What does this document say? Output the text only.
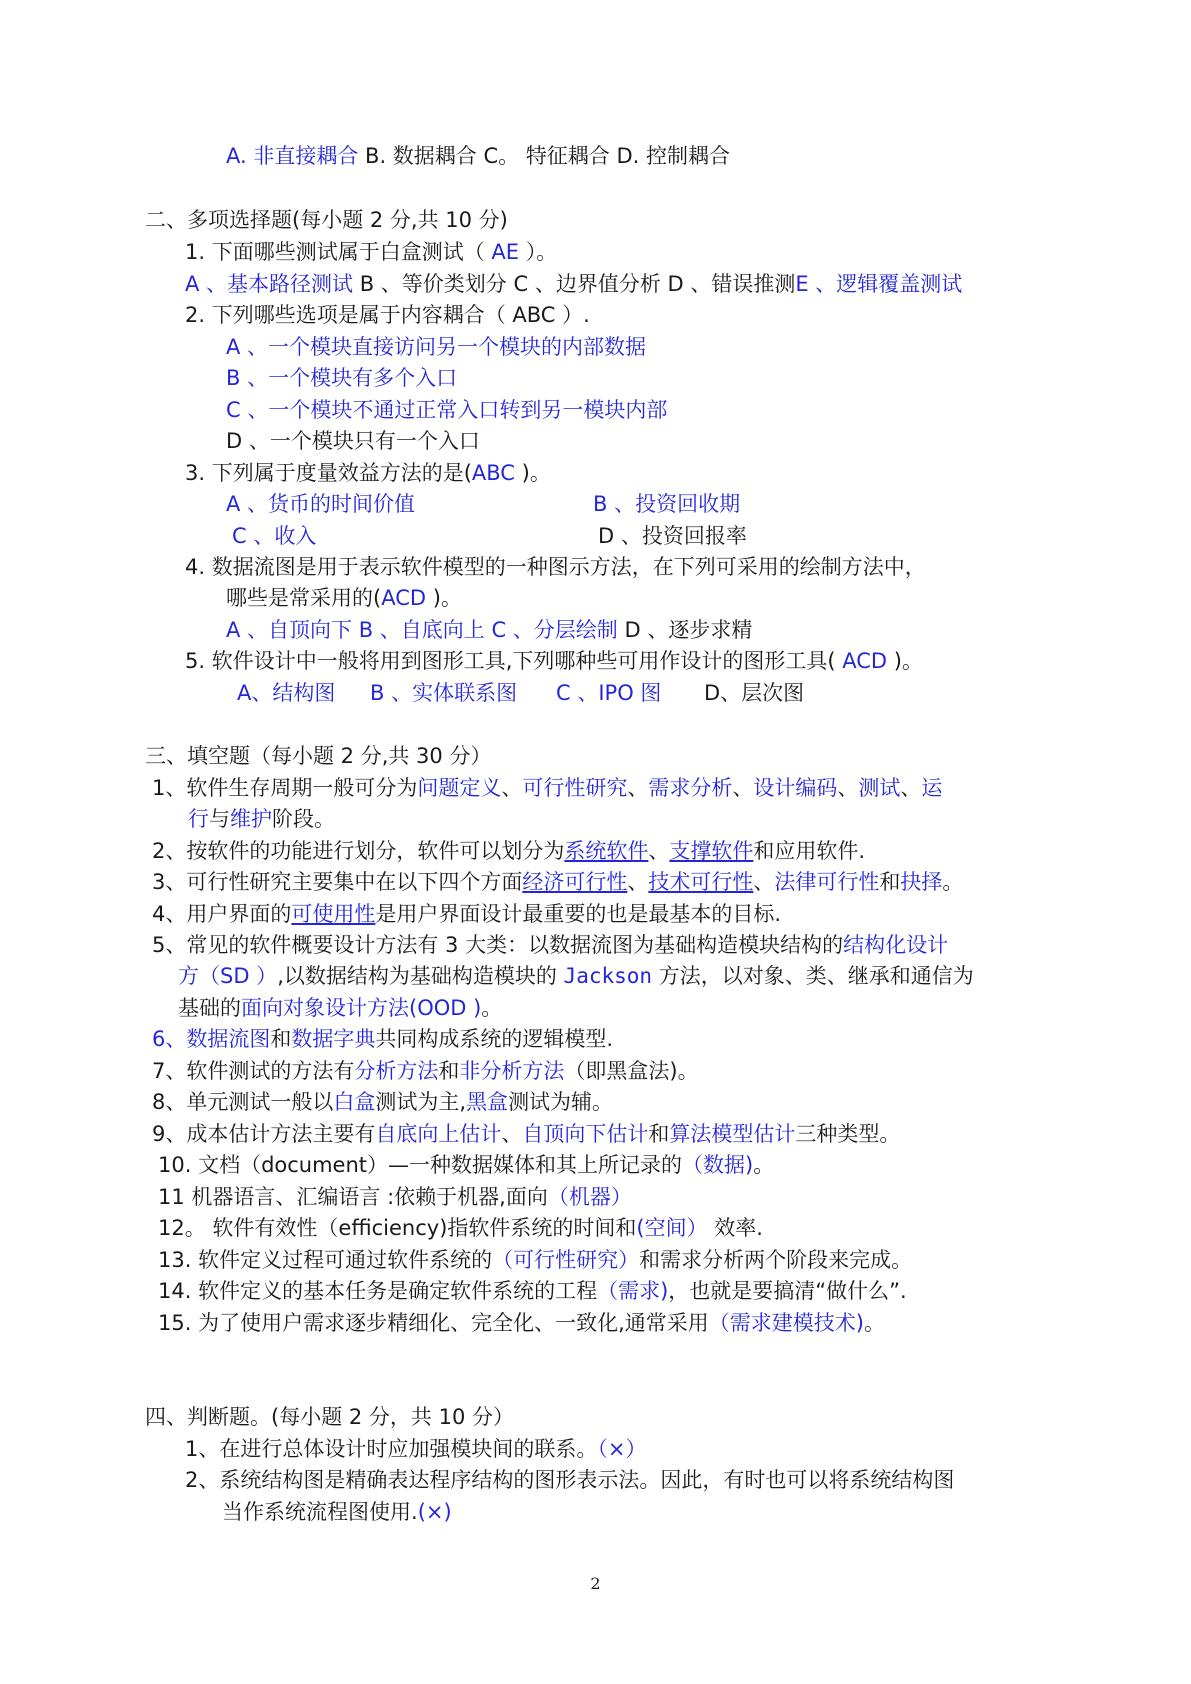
A. 非直接耦合 B. 数据耦合 C。 特征耦合 D. 控制耦合
二、多项选择题(每小题 2 分,共 10 分)
1. 下面哪些测试属于白盒测试（ AE ）。
A 、基本路径测试 B 、等价类划分 C 、边界值分析 D 、错误推测E 、逻辑覆盖测试
2. 下列哪些选项是属于内容耦合（ ABC ）.
A 、一个模块直接访问另一个模块的内部数据
B 、一个模块有多个入口
C 、一个模块不通过正常入口转到另一模块内部
D 、一个模块只有一个入口
3. 下列属于度量效益方法的是(ABC )。
A 、货币的时间价值	B 、投资回收期
C 、收入	D 、投资回报率
4. 数据流图是用于表示软件模型的一种图示方法，在下列可采用的绘制方法中，
哪些是常采用的(ACD )。
A 、自顶向下 B 、自底向上 C 、分层绘制 D 、逐步求精
5. 软件设计中一般将用到图形工具,下列哪种些可用作设计的图形工具( ACD )。
A、结构图 B 、实体联系图 C 、IPO 图 D、层次图
三、填空题（每小题 2 分,共 30 分）
1、软件生存周期一般可分为问题定义、可行性研究、需求分析、设计编码、测试、运
行与维护阶段。
2、按软件的功能进行划分，软件可以划分为系统软件、支撑软件和应用软件.
3、可行性研究主要集中在以下四个方面经济可行性、技术可行性、法律可行性和抉择。
4、用户界面的可使用性是用户界面设计最重要的也是最基本的目标.
5、常见的软件概要设计方法有 3 大类：以数据流图为基础构造模块结构的结构化设计
方（SD ）,以数据结构为基础构造模块的 Jackson 方法，以对象、类、继承和通信为
基础的面向对象设计方法(OOD )。
6、数据流图和数据字典共同构成系统的逻辑模型.
7、软件测试的方法有分析方法和非分析方法（即黑盒法)。
8、单元测试一般以白盒测试为主,黑盒测试为辅。
9、成本估计方法主要有自底向上估计、自顶向下估计和算法模型估计三种类型。
10. 文档（document）—一种数据媒体和其上所记录的（数据)。
11 机器语言、汇编语言 :依赖于机器,面向（机器）
12。 软件有效性（efficiency)指软件系统的时间和(空间） 效率.
13. 软件定义过程可通过软件系统的（可行性研究）和需求分析两个阶段来完成。
14. 软件定义的基本任务是确定软件系统的工程（需求)，也就是要搞清“做什么”.
15. 为了使用户需求逐步精细化、完全化、一致化,通常采用（需求建模技术)。
四、判断题。(每小题 2 分，共 10 分）
1、在进行总体设计时应加强模块间的联系。（×）
2、系统结构图是精确表达程序结构的图形表示法。因此，有时也可以将系统结构图
当作系统流程图使用.(×)
2
